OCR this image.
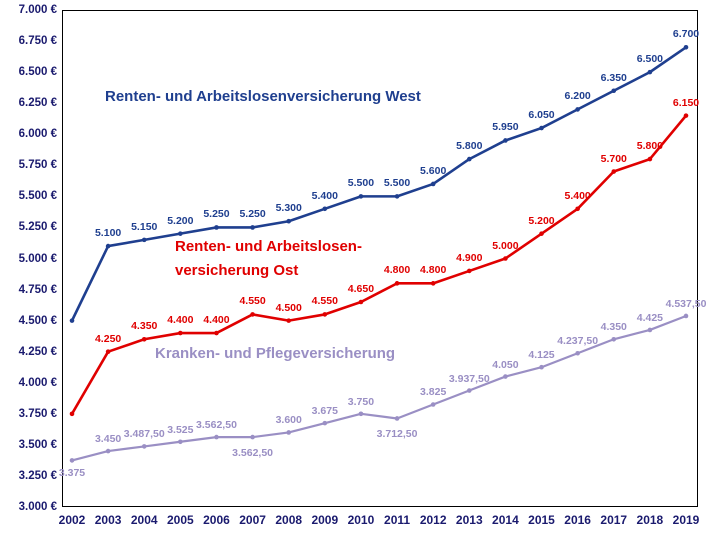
3.000 €
3.250 €
3.500 €
3.750 €
4.000 €
4.250 €
4.500 €
4.750 €
5.000 €
5.250 €
5.500 €
5.750 €
6.000 €
6.250 €
6.500 €
6.750 €
7.000 €
2002 2003 2004 2005 2006 2007 2008 2009 2010 2011 2012 2013 2014 2015 2016 2017 2018 2019
5.100
5.150
5.200
5.250 5.250
5.300
5.400
5.500 5.500
5.600
5.800
5.950
6.050
6.200
6.350
6.500
6.700
4.250
4.350
4.400 4.400
4.550
4.500
4.550
4.650
4.800 4.800
4.900
5.000
5.200
5.400
5.700
5.800
6.150
3.375
3.450 3.487,50 3.525 3.562,50
3.562,50
3.600
3.675
3.750
3.712,50
3.825
3.937,50
4.050
4.125
4.237,50
4.350
4.425
4.537,50
Renten- und Arbeitslosenversicherung West
Renten- und Arbeitslosen-
versicherung Ost
Kranken- und Pflegeversicherung
